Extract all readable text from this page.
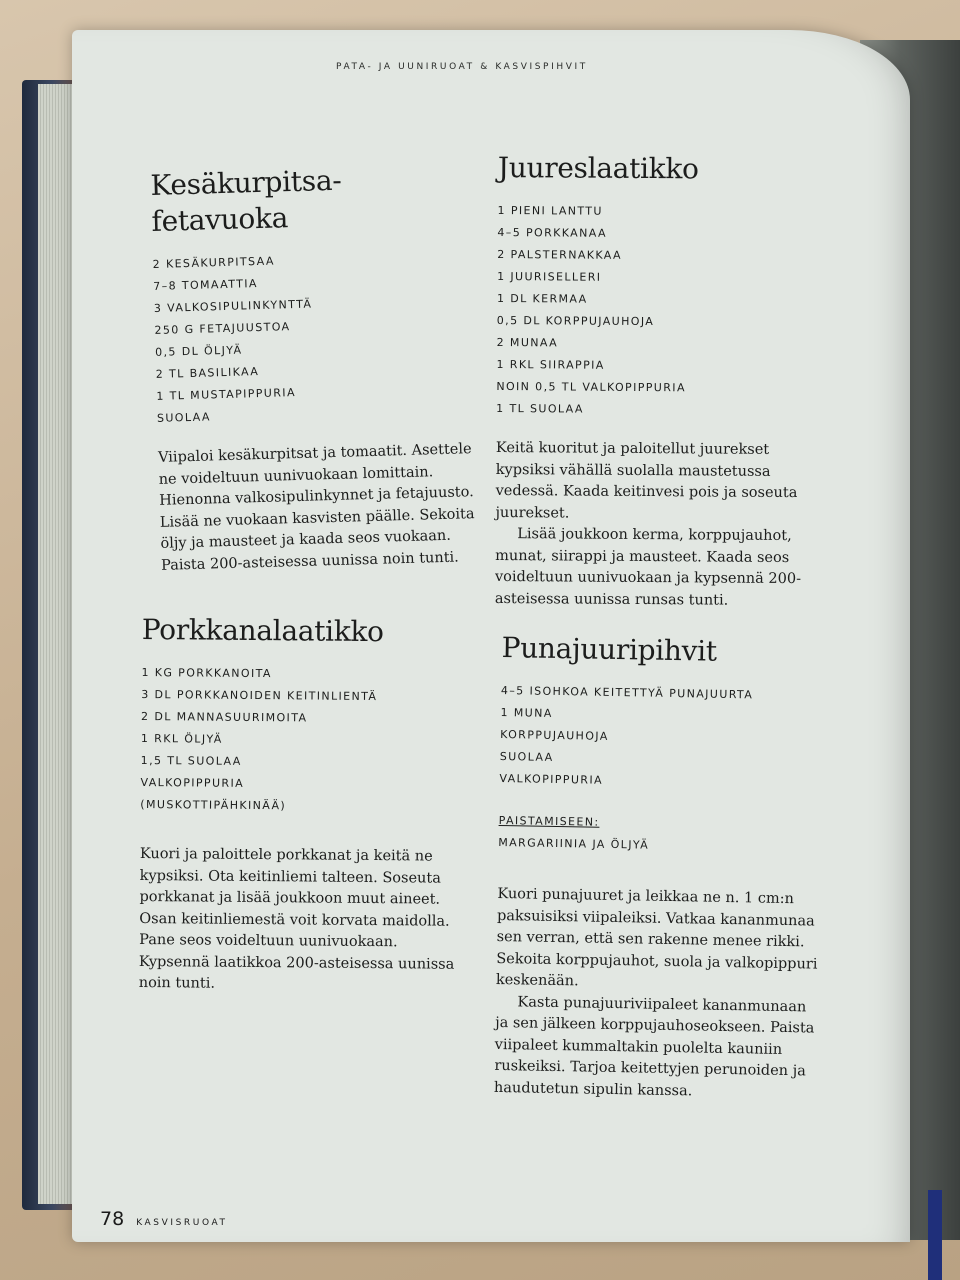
PATA- JA UUNIRUOAT & KASVISPIHVIT
Kesäkurpitsa-
fetavuoka
2 KESÄKURPITSAA
7–8 TOMAATTIA
3 VALKOSIPULINKYNTTÄ
250 G FETAJUUSTOA
0,5 DL ÖLJYÄ
2 TL BASILIKAA
1 TL MUSTAPIPPURIA
SUOLAA

Viipaloi kesäkurpitsat ja tomaatit. Asettele ne voideltuun uunivuokaan lomittain. Hienonna valkosipulinkynnet ja fetajuusto. Lisää ne vuokaan kasvisten päälle. Sekoita öljy ja mausteet ja kaada seos vuokaan. Paista 200-asteisessa uunissa noin tunti.

Juureslaatikko
1 PIENI LANTTU
4–5 PORKKANAA
2 PALSTERNAKKAA
1 JUURISELLERI
1 DL KERMAA
0,5 DL KORPPUJAUHOJA
2 MUNAA
1 RKL SIIRAPPIA
NOIN 0,5 TL VALKOPIPPURIA
1 TL SUOLAA

Keitä kuoritut ja paloitellut juurekset kypsiksi vähällä suolalla maustetussa vedessä. Kaada keitinvesi pois ja soseuta juurekset.

Lisää joukkoon kerma, korppujauhot, munat, siirappi ja mausteet. Kaada seos voideltuun uunivuokaan ja kypsennä 200-asteisessa uunissa runsas tunti.

Porkkanalaatikko
1 KG PORKKANOITA
3 DL PORKKANOIDEN KEITINLIENTÄ
2 DL MANNASUURIMOITA
1 RKL ÖLJYÄ
1,5 TL SUOLAA
VALKOPIPPURIA
(MUSKOTTIPÄHKINÄÄ)

Kuori ja paloittele porkkanat ja keitä ne kypsiksi. Ota keitinliemi talteen. Soseuta porkkanat ja lisää joukkoon muut aineet. Osan keitinliemestä voit korvata maidolla. Pane seos voideltuun uunivuokaan. Kypsennä laatikkoa 200-asteisessa uunissa noin tunti.

Punajuuripihvit
4–5 ISOHKOA KEITETTYÄ PUNAJUURTA
1 MUNA
KORPPUJAUHOJA
SUOLAA
VALKOPIPPURIA
PAISTAMISEEN:
MARGARIINIA JA ÖLJYÄ

Kuori punajuuret ja leikkaa ne n. 1 cm:n paksuisiksi viipaleiksi. Vatkaa kananmunaa sen verran, että sen rakenne menee rikki. Sekoita korppujauhot, suola ja valkopippuri keskenään.

Kasta punajuuriviipaleet kananmunaan ja sen jälkeen korppujauhoseokseen. Paista viipaleet kummaltakin puolelta kauniin ruskeiksi. Tarjoa keitettyjen perunoiden ja haudutetun sipulin kanssa.

78 KASVISRUOAT
